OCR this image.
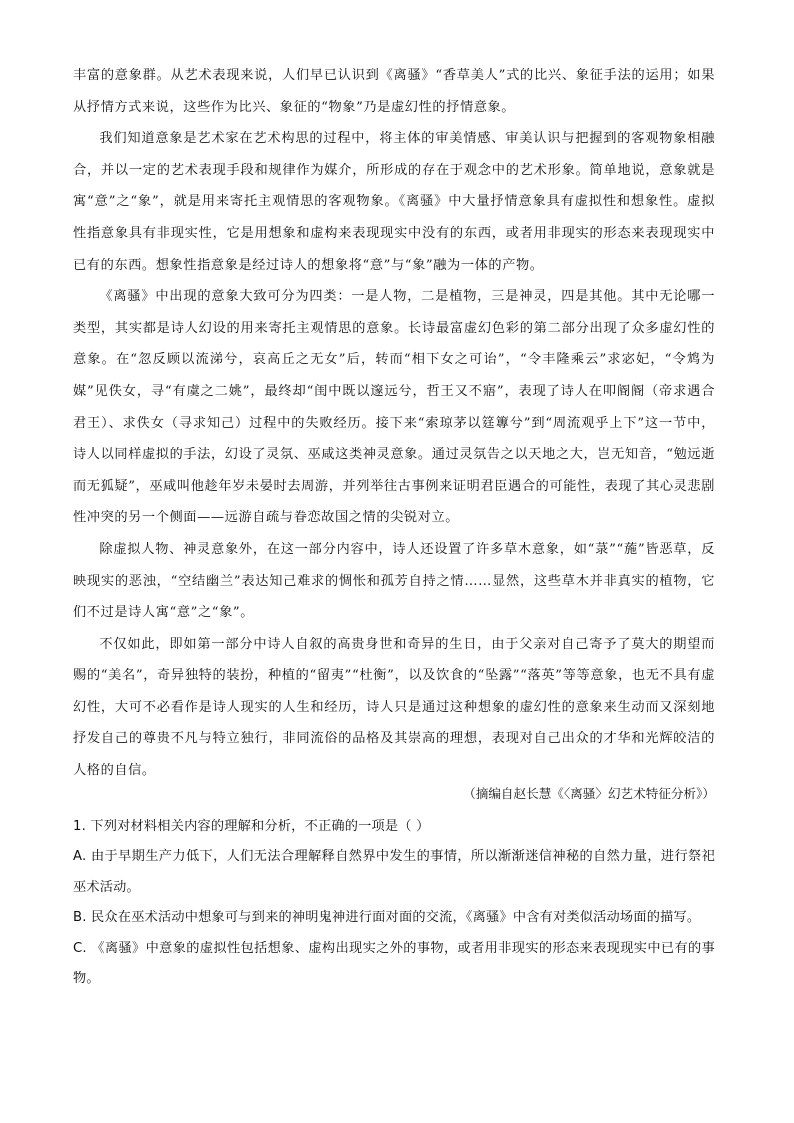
丰富的意象群。从艺术表现来说，人们早已认识到《离骚》“香草美人”式的比兴、象征手法的运用；如果从抒情方式来说，这些作为比兴、象征的“物象”乃是虚幻性的抒情意象。

我们知道意象是艺术家在艺术构思的过程中，将主体的审美情感、审美认识与把握到的客观物象相融合，并以一定的艺术表现手段和规律作为媒介，所形成的存在于观念中的艺术形象。简单地说，意象就是寓“意”之“象”，就是用来寄托主观情思的客观物象。《离骚》中大量抒情意象具有虚拟性和想象性。虚拟性指意象具有非现实性，它是用想象和虚构来表现现实中没有的东西，或者用非现实的形态来表现现实中已有的东西。想象性指意象是经过诗人的想象将“意”与“象”融为一体的产物。

《离骚》中出现的意象大致可分为四类：一是人物，二是植物，三是神灵，四是其他。其中无论哪一类型，其实都是诗人幻设的用来寄托主观情思的意象。长诗最富虚幻色彩的第二部分出现了众多虚幻性的意象。在“忽反顾以流涕兮，哀高丘之无女”后，转而“相下女之可诒”，“令丰隆乘云”求宓妃，“令鸩为媒”见佚女，寻“有虞之二姚”，最终却“闺中既以邃远兮，哲王又不寤”，表现了诗人在叩阍阍（帝求遇合君王）、求佚女（寻求知己）过程中的失败经历。接下来“索琼茅以筳篿兮”到“周流观乎上下”这一节中，诗人以同样虚拟的手法，幻设了灵氛、巫咸这类神灵意象。通过灵氛告之以天地之大，岂无知音，“勉远逝而无狐疑”，巫咸叫他趁年岁未晏时去周游，并列举往古事例来证明君臣遇合的可能性，表现了其心灵悲剧性冲突的另一个侧面——远游自疏与眷恋故国之情的尖锐对立。

除虚拟人物、神灵意象外，在这一部分内容中，诗人还设置了许多草木意象，如“菉”“葹”皆恶草，反映现实的恶浊，“空结幽兰”表达知己难求的惆怅和孤芳自持之情……显然，这些草木并非真实的植物，它们不过是诗人寓“意”之“象”。

不仅如此，即如第一部分中诗人自叙的高贵身世和奇异的生日，由于父亲对自己寄予了莫大的期望而赐的“美名”，奇异独特的装扮，种植的“留夷”“杜衡”，以及饮食的“坠露”“落英”等等意象，也无不具有虚幻性，大可不必看作是诗人现实的人生和经历，诗人只是通过这种想象的虚幻性的意象来生动而又深刻地抒发自己的尊贵不凡与特立独行，非同流俗的品格及其崇高的理想，表现对自己出众的才华和光辉皎洁的人格的自信。

（摘编自赵长慧《〈离骚〉幻艺术特征分析》）

1. 下列对材料相关内容的理解和分析，不正确的一项是（ ）

A. 由于早期生产力低下，人们无法合理解释自然界中发生的事情，所以渐渐迷信神秘的自然力量，进行祭祀巫术活动。

B. 民众在巫术活动中想象可与到来的神明鬼神进行面对面的交流，《离骚》中含有对类似活动场面的描写。

C. 《离骚》中意象的虚拟性包括想象、虚构出现实之外的事物，或者用非现实的形态来表现现实中已有的事物。
